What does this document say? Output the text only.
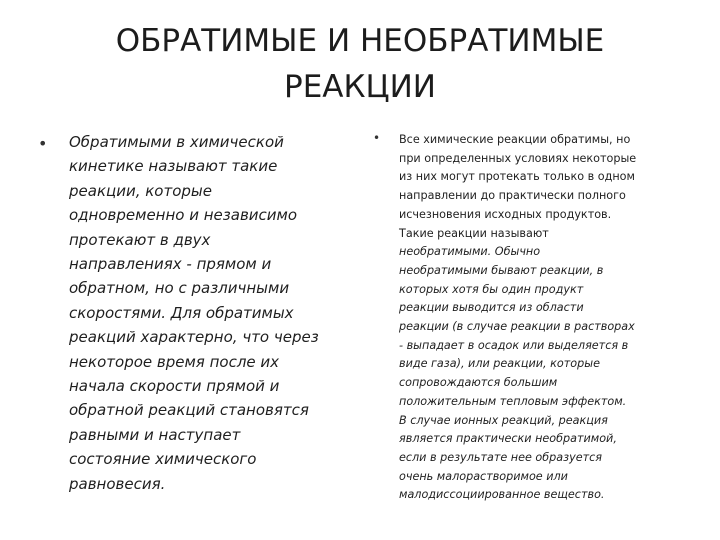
ОБРАТИМЫЕ И НЕОБРАТИМЫЕ
РЕАКЦИИ
•	•
Обратимыми в химической
кинетике называют такие
реакции, которые
одновременно и независимо
протекают в двух
направлениях - прямом и
обратном, но с различными
скоростями. Для обратимых
реакций характерно, что через
некоторое время после их
начала скорости прямой и
обратной реакций становятся
равными и наступает
состояние химического
равновесия.
Все химические реакции обратимы, но
при определенных условиях некоторые
из них могут протекать только в одном
направлении до практически полного
исчезновения исходных продуктов.
Такие реакции называют
необратимыми. Обычно
необратимыми бывают реакции, в
которых хотя бы один продукт
реакции выводится из области
реакции (в случае реакции в растворах
- выпадает в осадок или выделяется в
виде газа), или реакции, которые
сопровождаются большим
положительным тепловым эффектом.
В случае ионных реакций, реакция
является практически необратимой,
если в результате нее образуется
очень малорастворимое или
малодиссоциированное вещество.
